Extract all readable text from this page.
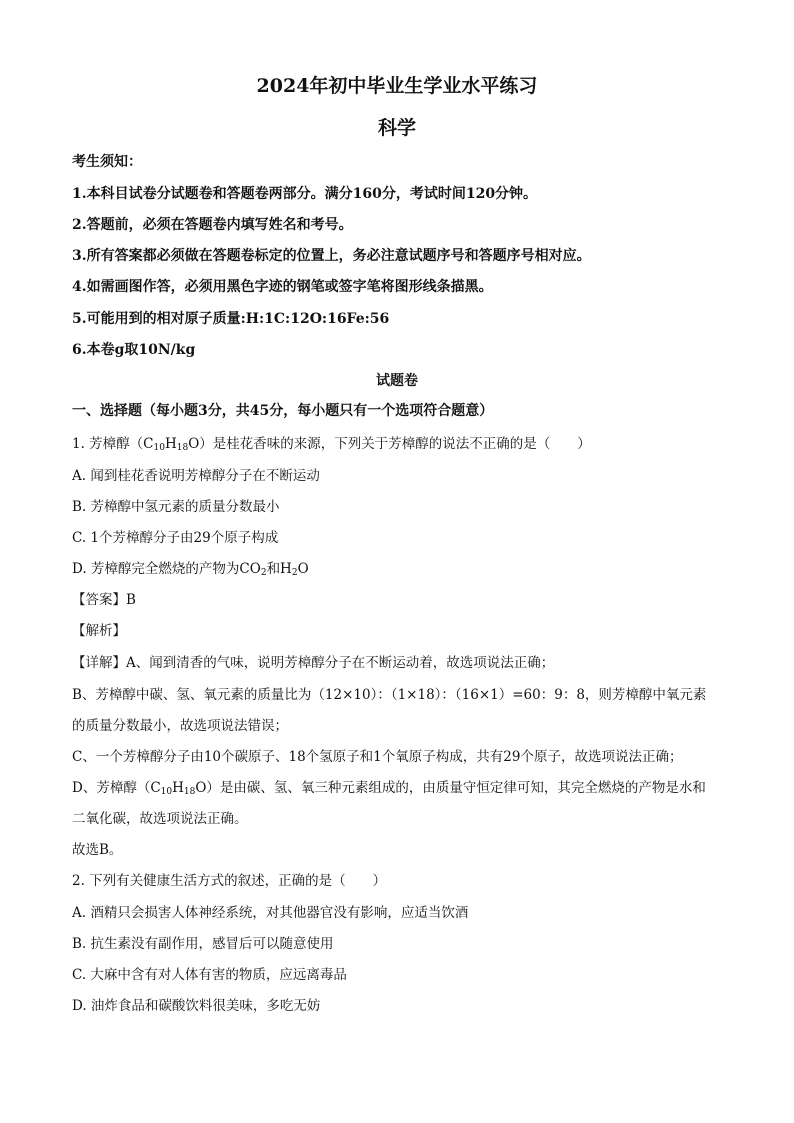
2024年初中毕业生学业水平练习
科学
考生须知：
1.本科目试卷分试题卷和答题卷两部分。满分160分，考试时间120分钟。
2.答题前，必须在答题卷内填写姓名和考号。
3.所有答案都必须做在答题卷标定的位置上，务必注意试题序号和答题序号相对应。
4.如需画图作答，必须用黑色字迹的钢笔或签字笔将图形线条描黑。
5.可能用到的相对原子质量:H:1C:12O:16Fe:56
6.本卷g取10N/kg
试题卷
一、选择题（每小题3分，共45分，每小题只有一个选项符合题意）
1. 芳樟醇$(C_{10}H_{18}O)$是桂花香味的来源，下列关于芳樟醇的说法不正确的是（　　）
A. 闻到桂花香说明芳樟醇分子在不断运动
B. 芳樟醇中氢元素的质量分数最小
C. 1个芳樟醇分子由29个原子构成
D. 芳樟醇完全燃烧的产物为$CO_2$和$H_2O$
【答案】B
【解析】
【详解】A、闻到清香的气味，说明芳樟醇分子在不断运动着，故选项说法正确；
B、芳樟醇中碳、氢、氧元素的质量比为（12×10）：（1×18）：（16×1）=60：9：8，则芳樟醇中氧元素
的质量分数最小，故选项说法错误；
C、一个芳樟醇分子由10个碳原子、18个氢原子和1个氧原子构成，共有29个原子，故选项说法正确；
D、芳樟醇$(C_{10}H_{18}O)$是由碳、氢、氧三种元素组成的，由质量守恒定律可知，其完全燃烧的产物是水和
二氧化碳，故选项说法正确。
故选B。
2. 下列有关健康生活方式的叙述，正确的是（　　）
A. 酒精只会损害人体神经系统，对其他器官没有影响，应适当饮酒
B. 抗生素没有副作用，感冒后可以随意使用
C. 大麻中含有对人体有害的物质，应远离毒品
D. 油炸食品和碳酸饮料很美味，多吃无妨
